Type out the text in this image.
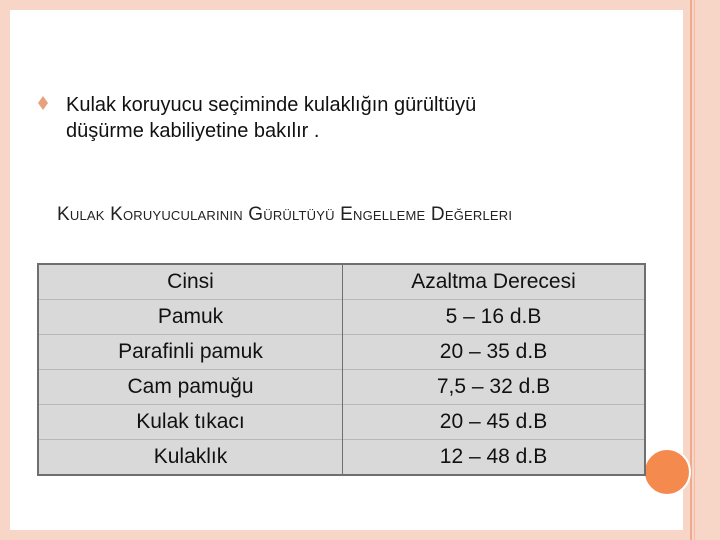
Kulak koruyucu seçiminde kulaklığın gürültüyü
düşürme kabiliyetine bakılır .
Kulak Koruyucularının Gürültüyü Engelleme Değerleri
Cinsi	Azaltma Derecesi
Pamuk	5 – 16 d.B
Parafinli pamuk	20 – 35 d.B
Cam pamuğu	7,5 – 32 d.B
Kulak tıkacı	20 – 45 d.B
Kulaklık	12 – 48 d.B
